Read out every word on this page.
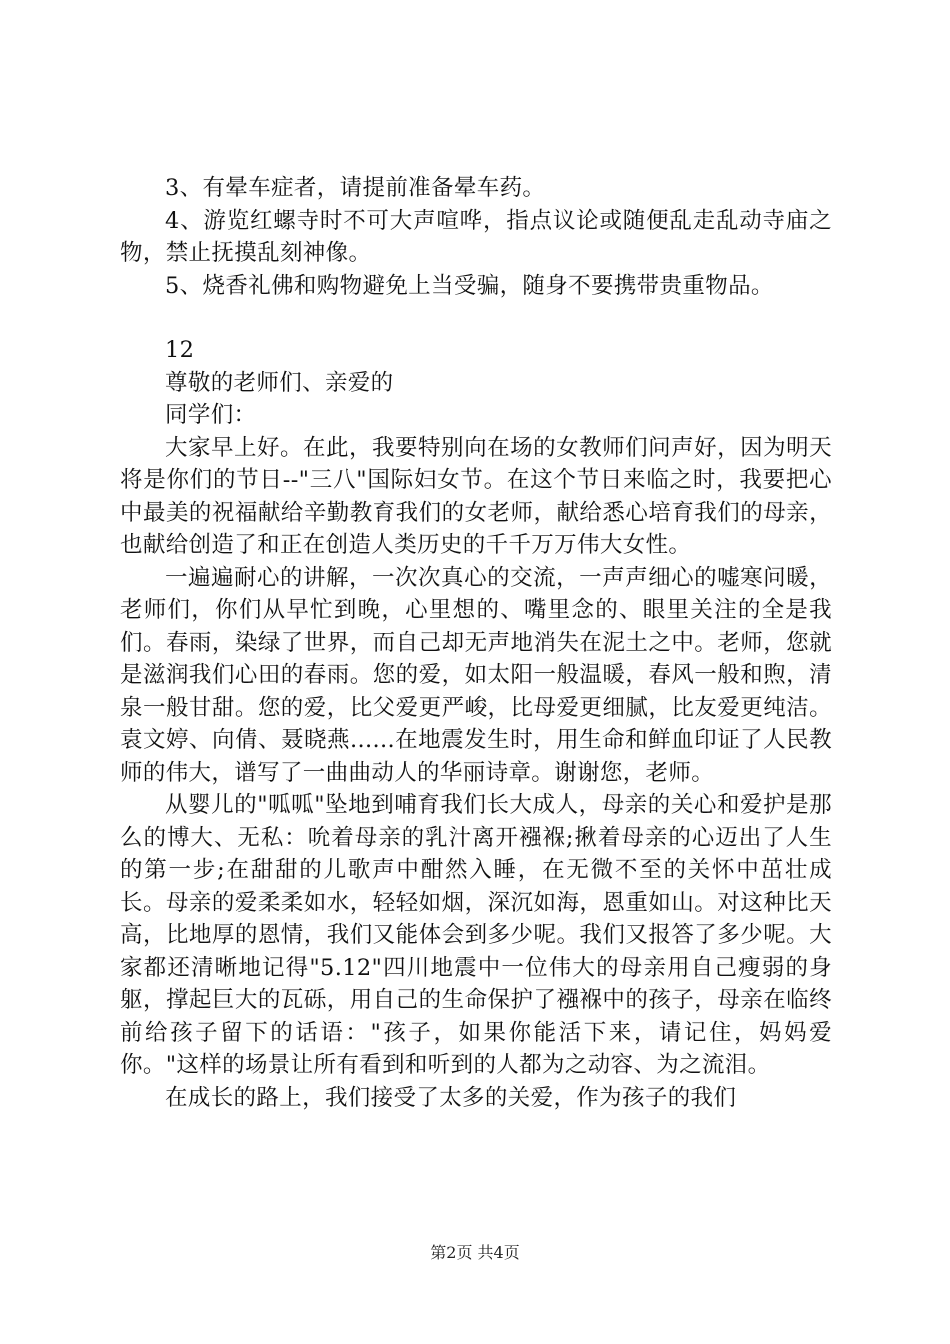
3、有晕车症者，请提前准备晕车药。

4、游览红螺寺时不可大声喧哗，指点议论或随便乱走乱动寺庙之物，禁止抚摸乱刻神像。

5、烧香礼佛和购物避免上当受骗，随身不要携带贵重物品。

12

尊敬的老师们、亲爱的

同学们：

大家早上好。在此，我要特别向在场的女教师们问声好，因为明天将是你们的节日--"三八"国际妇女节。在这个节日来临之时，我要把心中最美的祝福献给辛勤教育我们的女老师，献给悉心培育我们的母亲，也献给创造了和正在创造人类历史的千千万万伟大女性。

一遍遍耐心的讲解，一次次真心的交流，一声声细心的嘘寒问暖，老师们，你们从早忙到晚，心里想的、嘴里念的、眼里关注的全是我们。春雨，染绿了世界，而自己却无声地消失在泥土之中。老师，您就是滋润我们心田的春雨。您的爱，如太阳一般温暖，春风一般和煦，清泉一般甘甜。您的爱，比父爱更严峻，比母爱更细腻，比友爱更纯洁。袁文婷、向倩、聂晓燕......在地震发生时，用生命和鲜血印证了人民教师的伟大，谱写了一曲曲动人的华丽诗章。谢谢您，老师。

从婴儿的"呱呱"坠地到哺育我们长大成人，母亲的关心和爱护是那么的博大、无私：吮着母亲的乳汁离开襁褓;揪着母亲的心迈出了人生的第一步;在甜甜的儿歌声中酣然入睡，在无微不至的关怀中茁壮成长。母亲的爱柔柔如水，轻轻如烟，深沉如海，恩重如山。对这种比天高，比地厚的恩情，我们又能体会到多少呢。我们又报答了多少呢。大家都还清晰地记得"5.12"四川地震中一位伟大的母亲用自己瘦弱的身躯，撑起巨大的瓦砾，用自己的生命保护了襁褓中的孩子，母亲在临终前给孩子留下的话语："孩子，如果你能活下来，请记住，妈妈爱你。"这样的场景让所有看到和听到的人都为之动容、为之流泪。

在成长的路上，我们接受了太多的关爱，作为孩子的我们

第2页 共4页
